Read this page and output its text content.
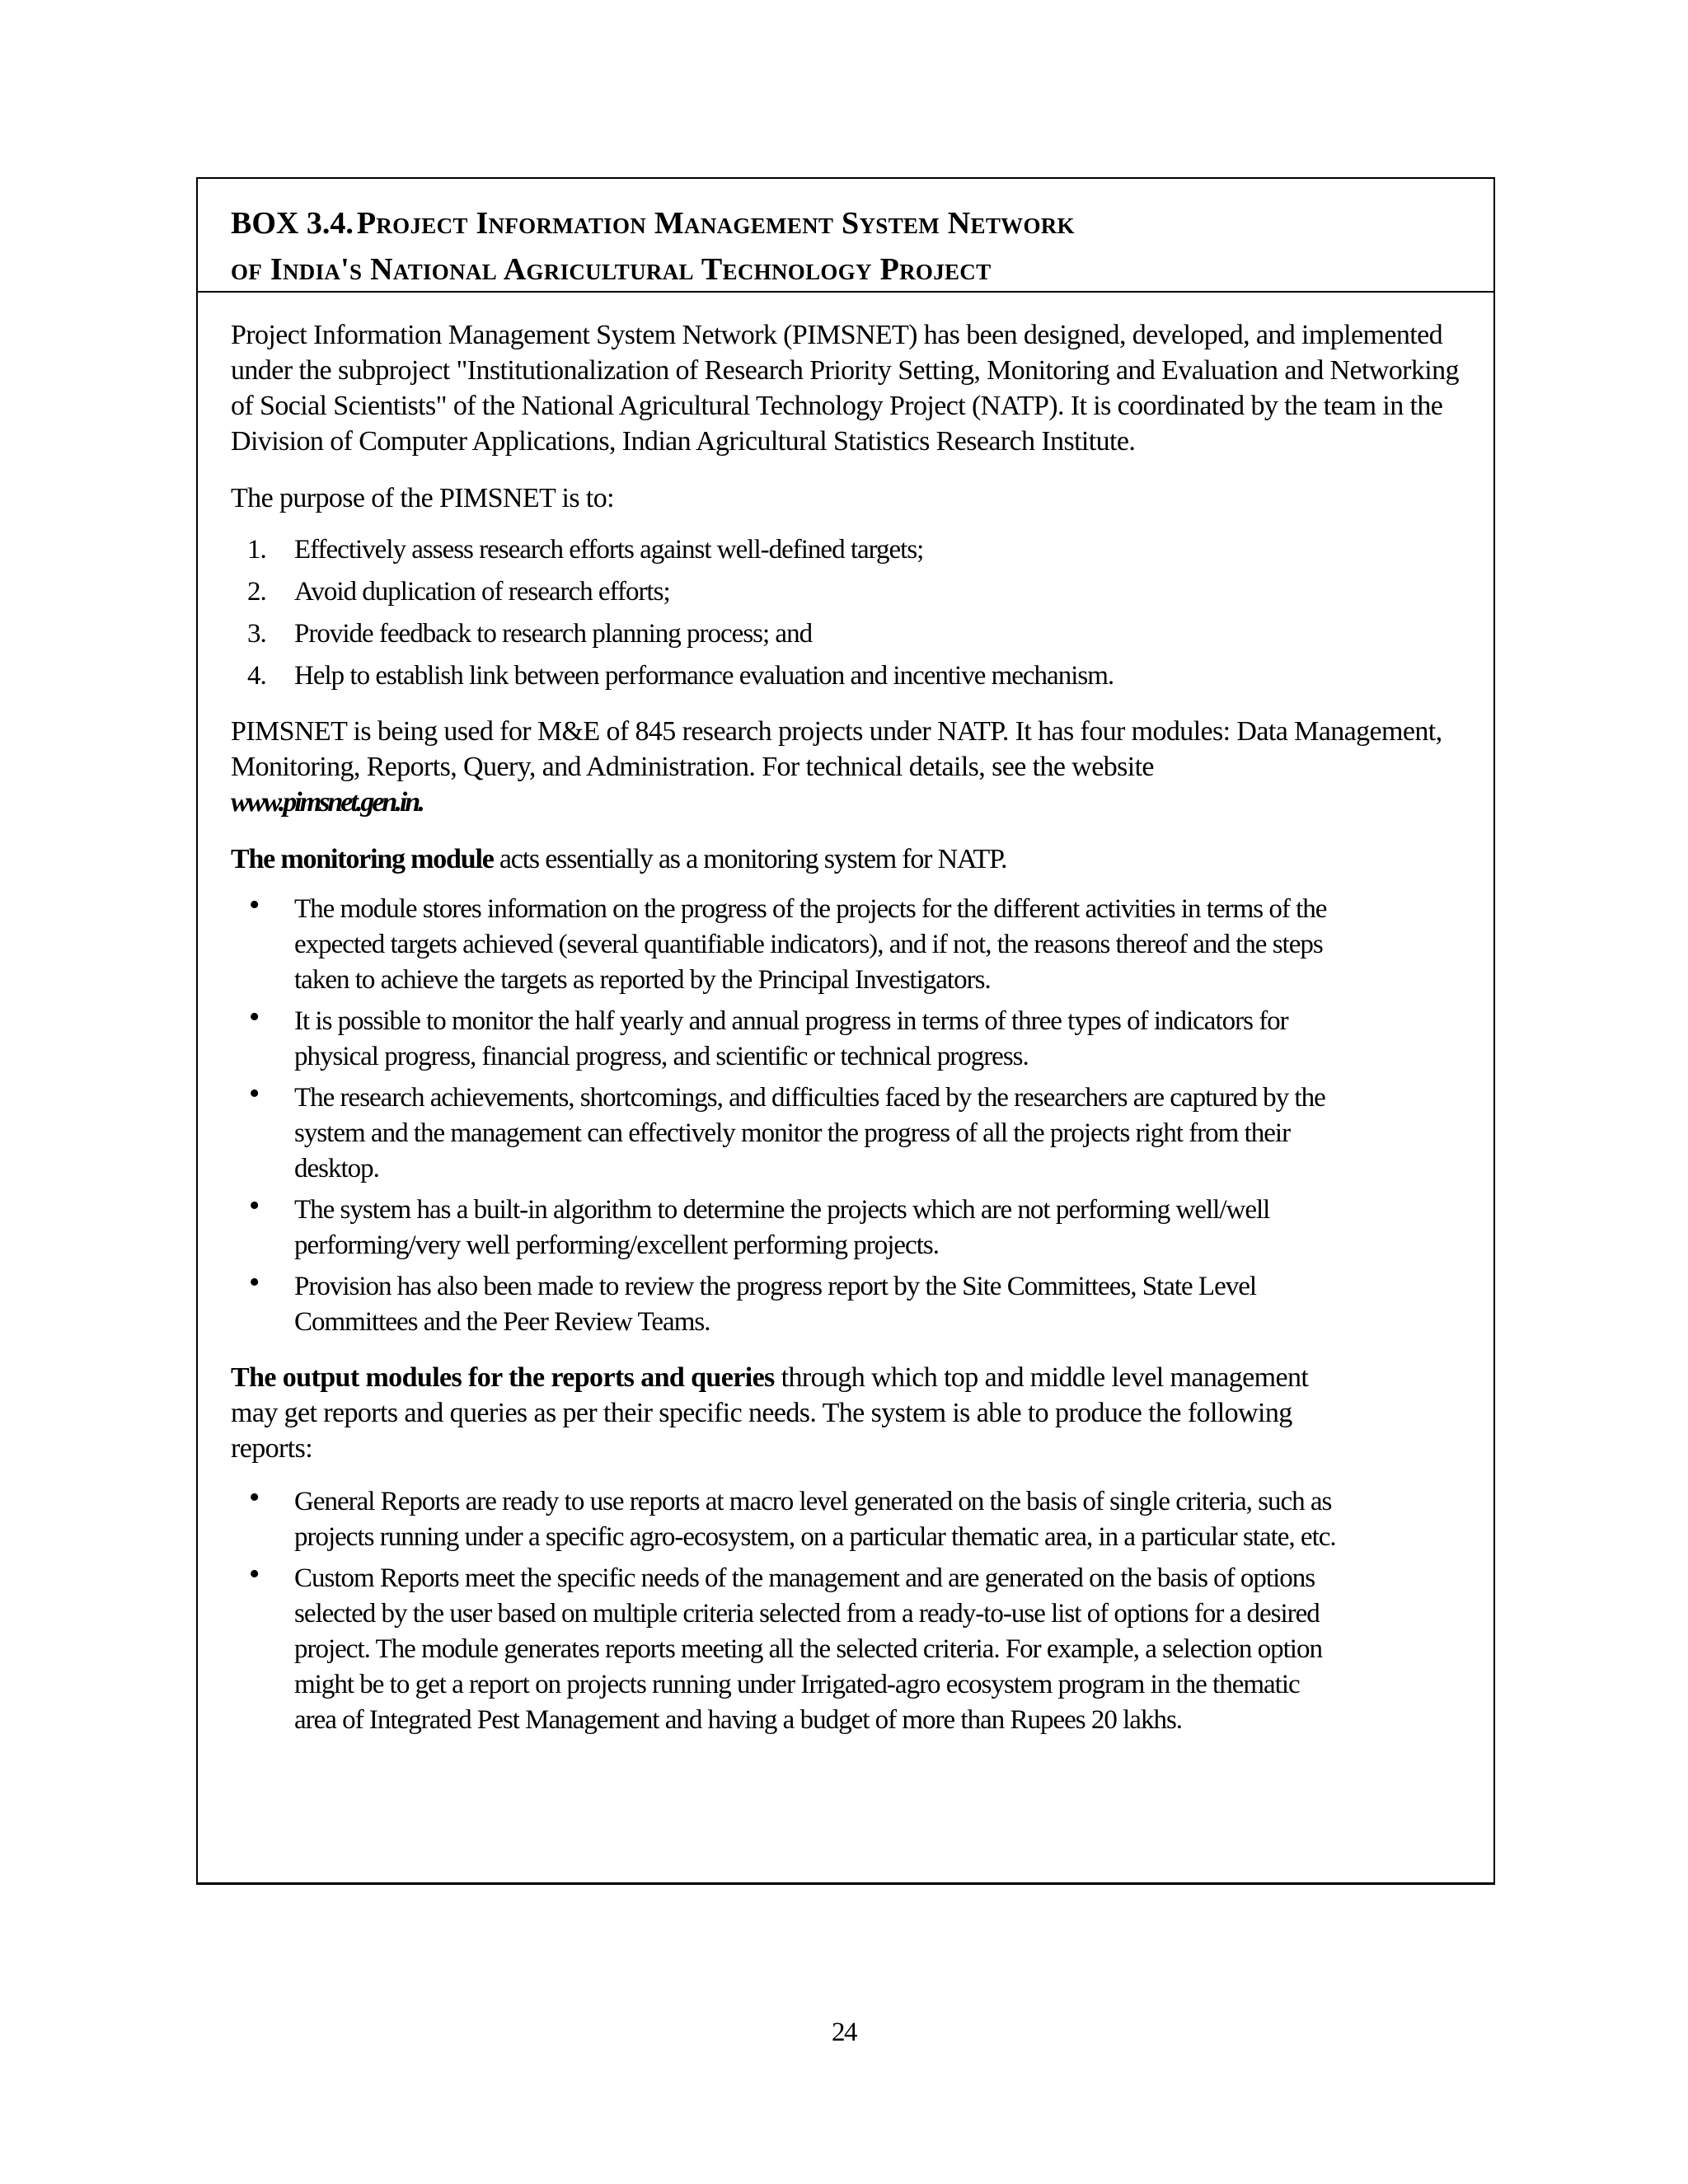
BOX 3.4. Project Information Management System Network
of India's National Agricultural Technology Project

Project Information Management System Network (PIMSNET) has been designed, developed, and implemented under the subproject "Institutionalization of Research Priority Setting, Monitoring and Evaluation and Networking of Social Scientists" of the National Agricultural Technology Project (NATP). It is coordinated by the team in the Division of Computer Applications, Indian Agricultural Statistics Research Institute.

The purpose of the PIMSNET is to:

1. Effectively assess research efforts against well-defined targets;
2. Avoid duplication of research efforts;
3. Provide feedback to research planning process; and
4. Help to establish link between performance evaluation and incentive mechanism.

PIMSNET is being used for M&E of 845 research projects under NATP. It has four modules: Data Management, Monitoring, Reports, Query, and Administration. For technical details, see the website
www.pimsnet.gen.in.

The monitoring module acts essentially as a monitoring system for NATP.

• The module stores information on the progress of the projects for the different activities in terms of the expected targets achieved (several quantifiable indicators), and if not, the reasons thereof and the steps taken to achieve the targets as reported by the Principal Investigators.
• It is possible to monitor the half yearly and annual progress in terms of three types of indicators for physical progress, financial progress, and scientific or technical progress.
• The research achievements, shortcomings, and difficulties faced by the researchers are captured by the system and the management can effectively monitor the progress of all the projects right from their desktop.
• The system has a built-in algorithm to determine the projects which are not performing well/well performing/very well performing/excellent performing projects.
• Provision has also been made to review the progress report by the Site Committees, State Level Committees and the Peer Review Teams.

The output modules for the reports and queries through which top and middle level management may get reports and queries as per their specific needs. The system is able to produce the following reports:

• General Reports are ready to use reports at macro level generated on the basis of single criteria, such as projects running under a specific agro-ecosystem, on a particular thematic area, in a particular state, etc.
• Custom Reports meet the specific needs of the management and are generated on the basis of options selected by the user based on multiple criteria selected from a ready-to-use list of options for a desired project. The module generates reports meeting all the selected criteria. For example, a selection option might be to get a report on projects running under Irrigated-agro ecosystem program in the thematic area of Integrated Pest Management and having a budget of more than Rupees 20 lakhs.
24
